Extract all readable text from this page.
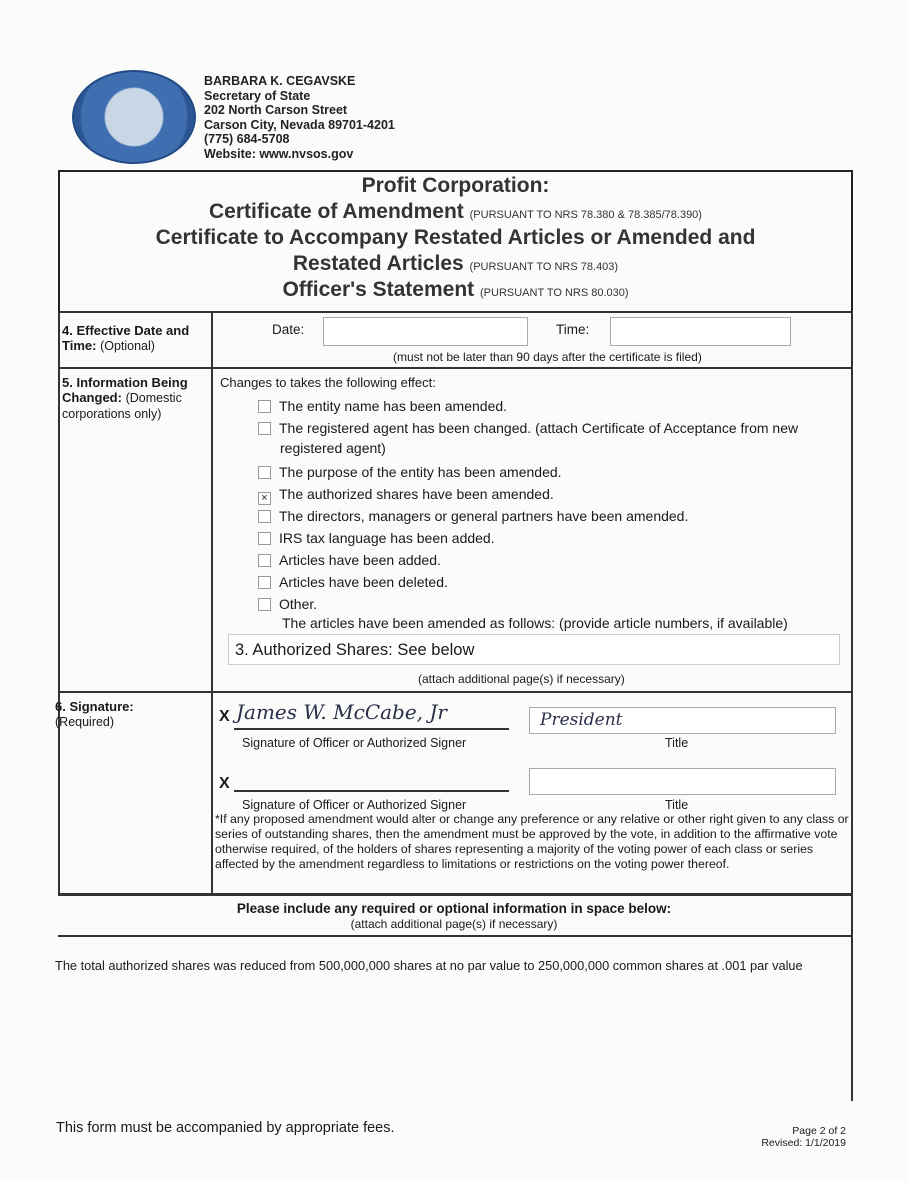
BARBARA K. CEGAVSKE
Secretary of State
202 North Carson Street
Carson City, Nevada 89701-4201
(775) 684-5708
Website: www.nvsos.gov
Profit Corporation:
Certificate of Amendment (PURSUANT TO NRS 78.380 & 78.385/78.390)
Certificate to Accompany Restated Articles or Amended and
Restated Articles (PURSUANT TO NRS 78.403)
Officer's Statement (PURSUANT TO NRS 80.030)
4. Effective Date and
Time: (Optional)
Date:	Time:
(must not be later than 90 days after the certificate is filed)
5. Information Being
Changed: (Domestic corporations only)
Changes to takes the following effect:
The entity name has been amended.
The registered agent has been changed. (attach Certificate of Acceptance from new
registered agent)
The purpose of the entity has been amended.
× The authorized shares have been amended.
The directors, managers or general partners have been amended.
IRS tax language has been added.
Articles have been added.
Articles have been deleted.
Other.
The articles have been amended as follows: (provide article numbers, if available)
3. Authorized Shares: See below
(attach additional page(s) if necessary)
6. Signature:
(Required)	X James W. McCabe, Jr
Signature of Officer or Authorized Signer
President
Title
X
Signature of Officer or Authorized Signer	Title
*If any proposed amendment would alter or change any preference or any relative or other right given to any class or series of outstanding shares, then the amendment must be approved by the vote, in addition to the affirmative vote otherwise required, of the holders of shares representing a majority of the voting power of each class or series affected by the amendment regardless to limitations or restrictions on the voting power thereof.
Please include any required or optional information in space below:
(attach additional page(s) if necessary)
The total authorized shares was reduced from 500,000,000 shares at no par value to 250,000,000 common shares at .001 par value
This form must be accompanied by appropriate fees.	Page 2 of 2
Revised: 1/1/2019
